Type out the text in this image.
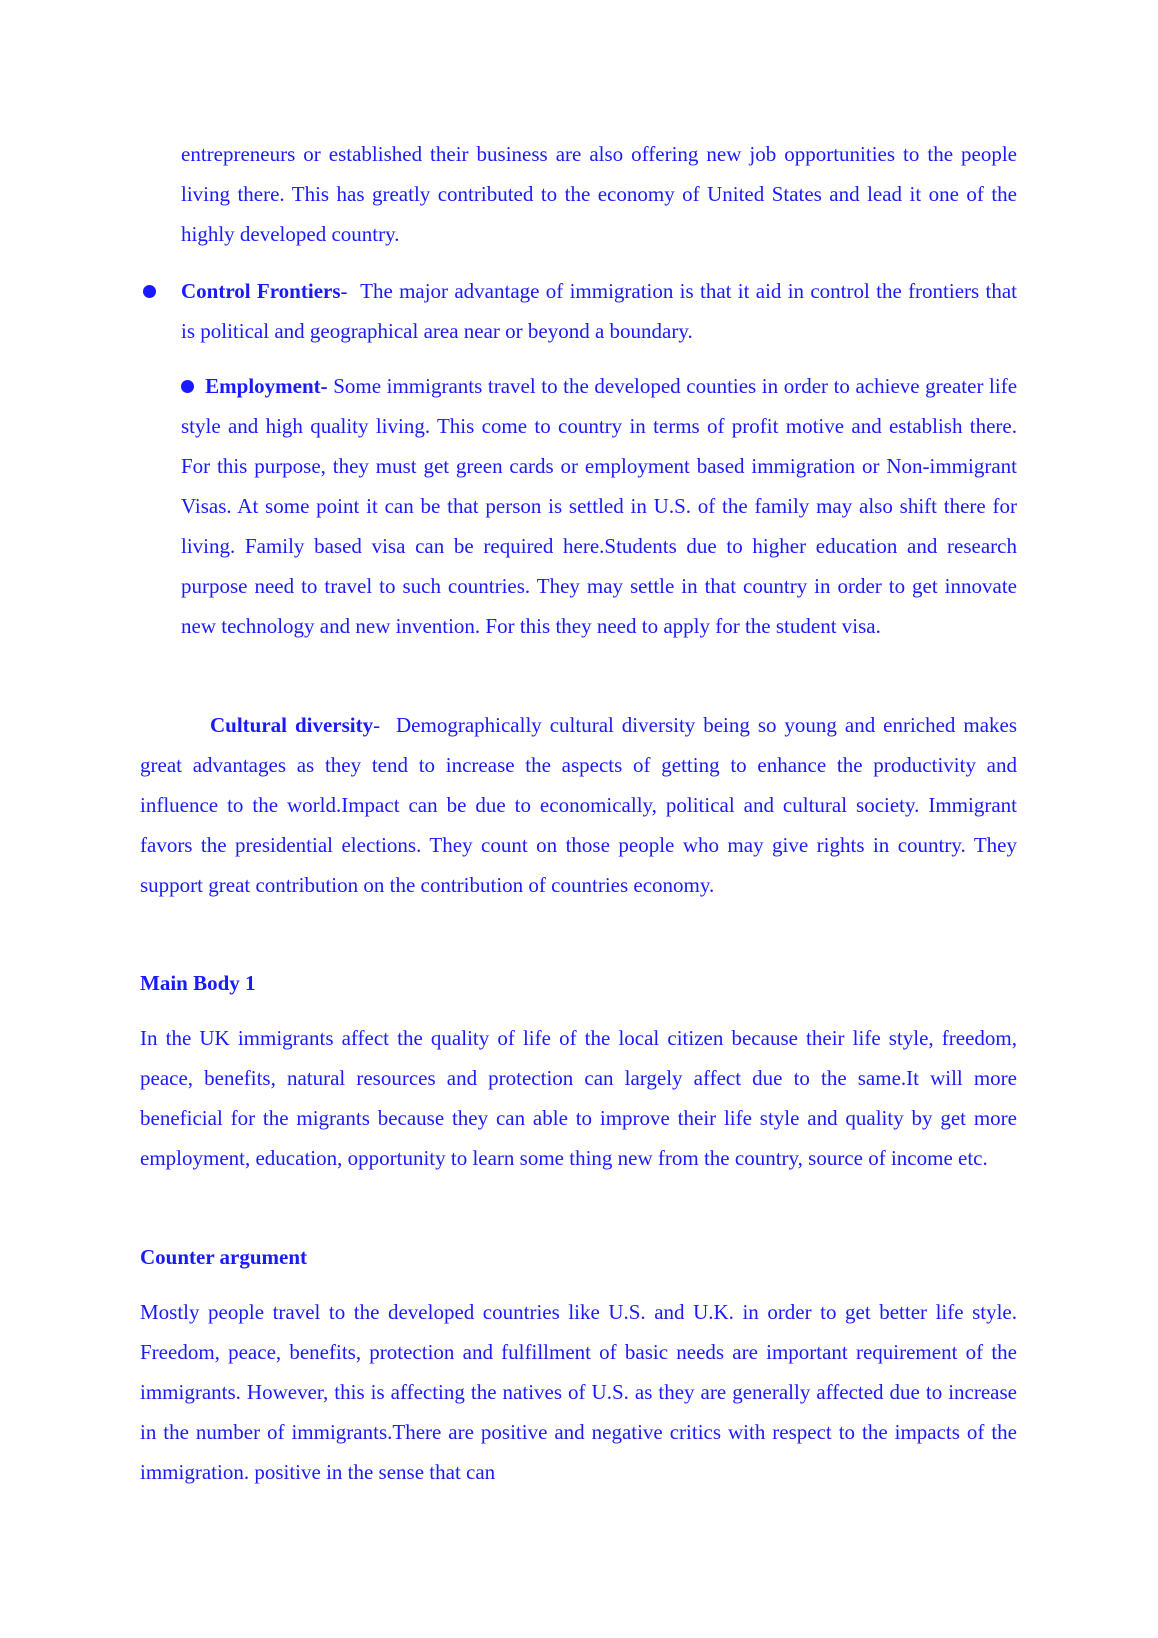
entrepreneurs or established their business are also offering new job opportunities to the people living there. This has greatly contributed to the economy of United States and lead it one of the highly developed country.

Control Frontiers- The major advantage of immigration is that it aid in control the frontiers that is political and geographical area near or beyond a boundary.

Employment- Some immigrants travel to the developed counties in order to achieve greater life style and high quality living. This come to country in terms of profit motive and establish there. For this purpose, they must get green cards or employment based immigration or Non-immigrant Visas. At some point it can be that person is settled in U.S. of the family may also shift there for living. Family based visa can be required here.Students due to higher education and research purpose need to travel to such countries. They may settle in that country in order to get innovate new technology and new invention. For this they need to apply for the student visa.

Cultural diversity- Demographically cultural diversity being so young and enriched makes great advantages as they tend to increase the aspects of getting to enhance the productivity and influence to the world.Impact can be due to economically, political and cultural society. Immigrant favors the presidential elections. They count on those people who may give rights in country. They support great contribution on the contribution of countries economy.

Main Body 1

In the UK immigrants affect the quality of life of the local citizen because their life style, freedom, peace, benefits, natural resources and protection can largely affect due to the same.It will more beneficial for the migrants because they can able to improve their life style and quality by get more employment, education, opportunity to learn some thing new from the country, source of income etc.

Counter argument

Mostly people travel to the developed countries like U.S. and U.K. in order to get better life style. Freedom, peace, benefits, protection and fulfillment of basic needs are important requirement of the immigrants. However, this is affecting the natives of U.S. as they are generally affected due to increase in the number of immigrants.There are positive and negative critics with respect to the impacts of the immigration. positive in the sense that can
